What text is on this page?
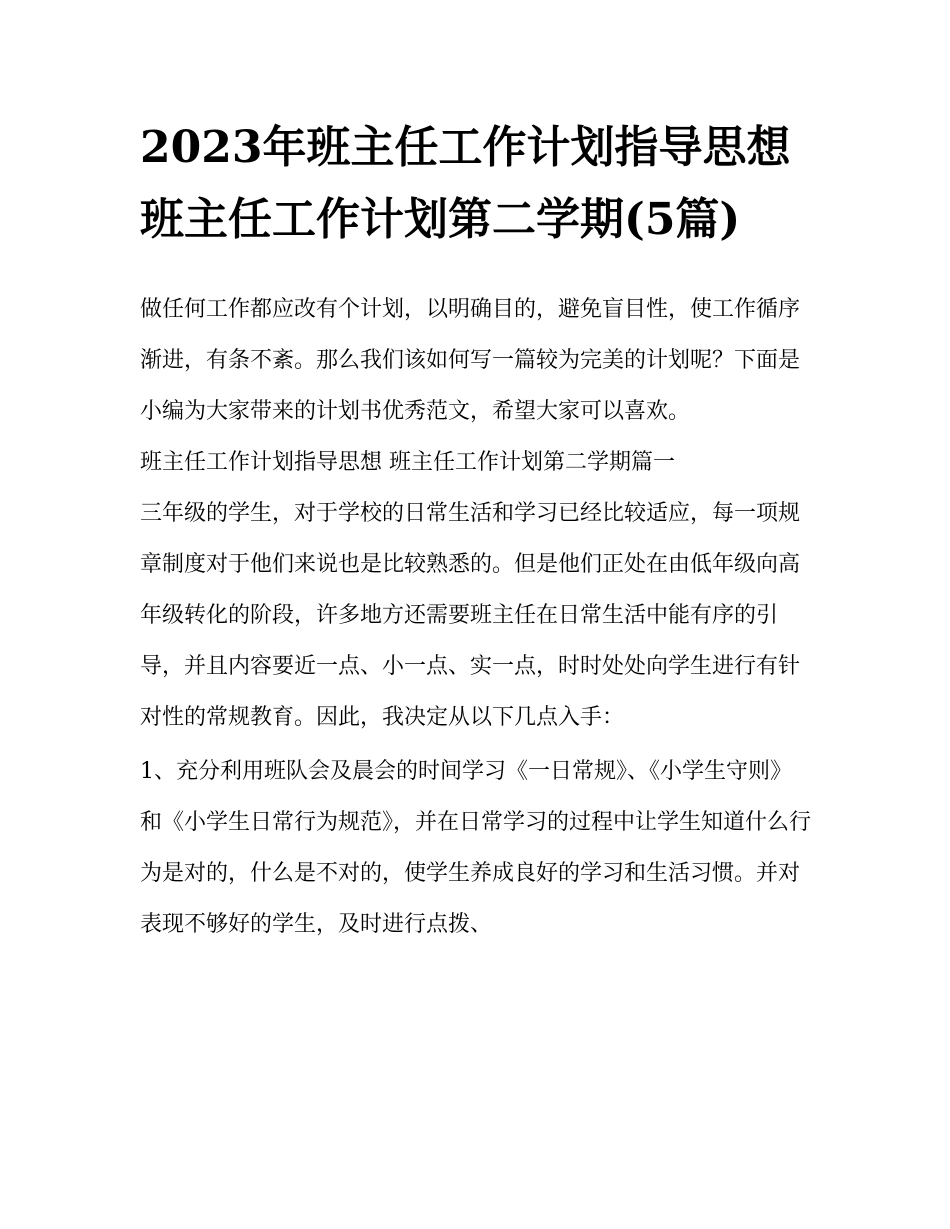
2023年班主任工作计划指导思想 班主任工作计划第二学期(5篇)

做任何工作都应改有个计划，以明确目的，避免盲目性，使工作循序渐进，有条不紊。那么我们该如何写一篇较为完美的计划呢？下面是小编为大家带来的计划书优秀范文，希望大家可以喜欢。

班主任工作计划指导思想 班主任工作计划第二学期篇一

三年级的学生，对于学校的日常生活和学习已经比较适应，每一项规章制度对于他们来说也是比较熟悉的。但是他们正处在由低年级向高年级转化的阶段，许多地方还需要班主任在日常生活中能有序的引导，并且内容要近一点、小一点、实一点，时时处处向学生进行有针对性的常规教育。因此，我决定从以下几点入手：

1、充分利用班队会及晨会的时间学习《一日常规》、《小学生守则》和《小学生日常行为规范》，并在日常学习的过程中让学生知道什么行为是对的，什么是不对的，使学生养成良好的学习和生活习惯。并对表现不够好的学生，及时进行点拨、
